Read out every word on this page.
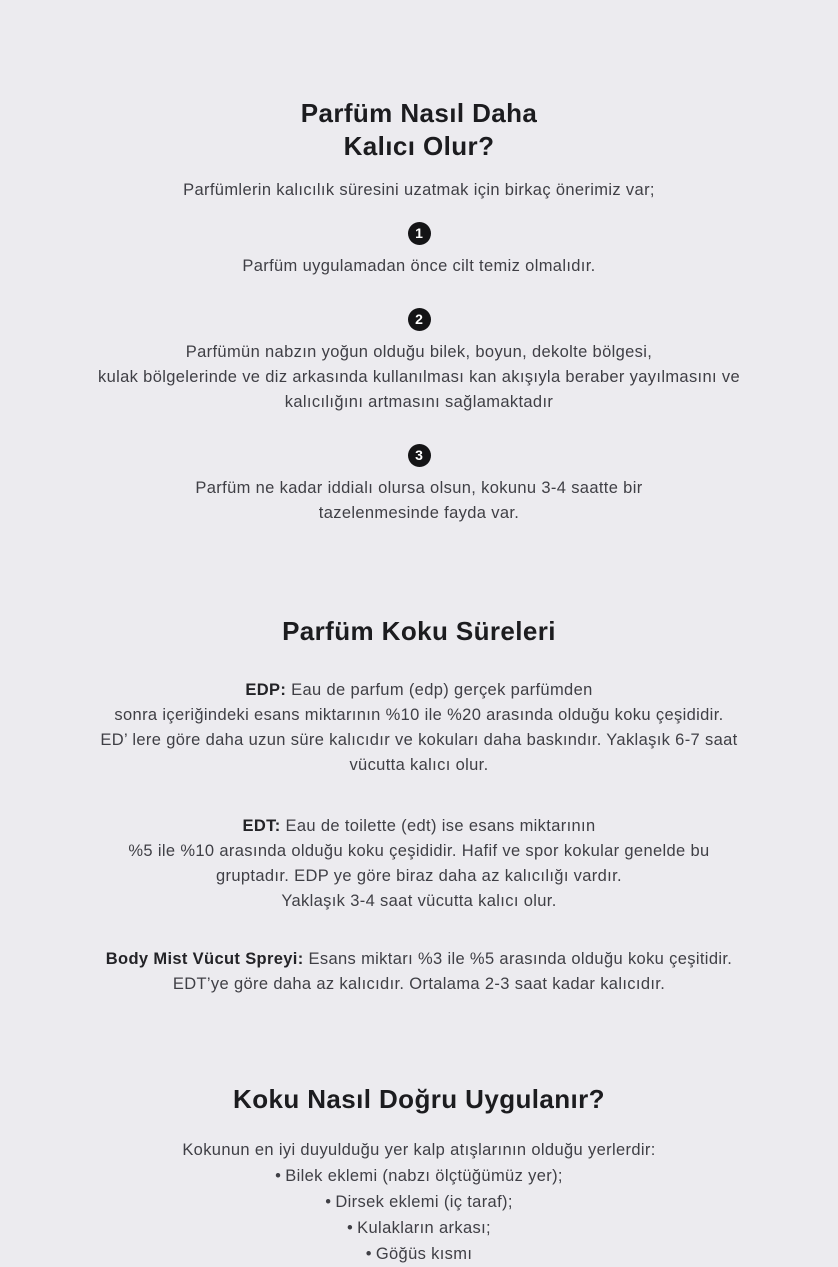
Parfüm Nasıl Daha
Kalıcı Olur?

Parfümlerin kalıcılık süresini uzatmak için birkaç önerimiz var;

1
Parfüm uygulamadan önce cilt temiz olmalıdır.
2
Parfümün nabzın yoğun olduğu bilek, boyun, dekolte bölgesi,
kulak bölgelerinde ve diz arkasında kullanılması kan akışıyla beraber yayılmasını ve
kalıcılığını artmasını sağlamaktadır
3
Parfüm ne kadar iddialı olursa olsun, kokunu 3-4 saatte bir
tazelenmesinde fayda var.
Parfüm Koku Süreleri
EDP: Eau de parfum (edp) gerçek parfümden
sonra içeriğindeki esans miktarının %10 ile %20 arasında olduğu koku çeşididir.
ED’ lere göre daha uzun süre kalıcıdır ve kokuları daha baskındır. Yaklaşık 6-7 saat
vücutta kalıcı olur.
EDT: Eau de toilette (edt) ise esans miktarının
%5 ile %10 arasında olduğu koku çeşididir. Hafif ve spor kokular genelde bu
gruptadır. EDP ye göre biraz daha az kalıcılığı vardır.
Yaklaşık 3-4 saat vücutta kalıcı olur.
Body Mist Vücut Spreyi: Esans miktarı %3 ile %5 arasında olduğu koku çeşitidir.
EDT’ye göre daha az kalıcıdır. Ortalama 2-3 saat kadar kalıcıdır.
Koku Nasıl Doğru Uygulanır?

Kokunun en iyi duyulduğu yer kalp atışlarının olduğu yerlerdir:

• Bilek eklemi (nabzı ölçtüğümüz yer);
• Dirsek eklemi (iç taraf);
• Kulakların arkası;
• Göğüs kısmı
